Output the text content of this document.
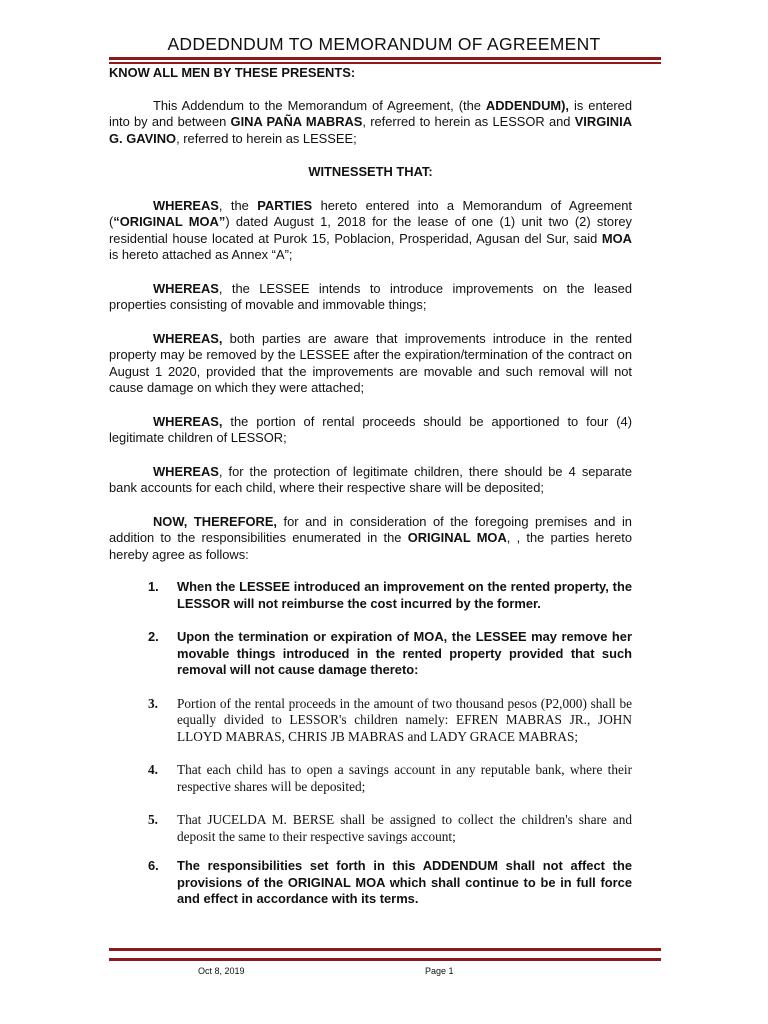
ADDEDNDUM TO MEMORANDUM OF AGREEMENT

KNOW ALL MEN BY THESE PRESENTS:

This Addendum to the Memorandum of Agreement, (the ADDENDUM), is entered into by and between GINA PAÑA MABRAS, referred to herein as LESSOR and VIRGINIA G. GAVINO, referred to herein as LESSEE;

WITNESSETH THAT:

WHEREAS, the PARTIES hereto entered into a Memorandum of Agreement (“ORIGINAL MOA”) dated August 1, 2018 for the lease of one (1) unit two (2) storey residential house located at Purok 15, Poblacion, Prosperidad, Agusan del Sur, said MOA is hereto attached as Annex “A”;

WHEREAS, the LESSEE intends to introduce improvements on the leased properties consisting of movable and immovable things;

WHEREAS, both parties are aware that improvements introduce in the rented property may be removed by the LESSEE after the expiration/termination of the contract on August 1 2020, provided that the improvements are movable and such removal will not cause damage on which they were attached;

WHEREAS, the portion of rental proceeds should be apportioned to four (4) legitimate children of LESSOR;

WHEREAS, for the protection of legitimate children, there should be 4 separate bank accounts for each child, where their respective share will be deposited;

NOW, THEREFORE, for and in consideration of the foregoing premises and in addition to the responsibilities enumerated in the ORIGINAL MOA, , the parties hereto hereby agree as follows:

1. When the LESSEE introduced an improvement on the rented property, the LESSOR will not reimburse the cost incurred by the former.
2. Upon the termination or expiration of MOA, the LESSEE may remove her movable things introduced in the rented property provided that such removal will not cause damage thereto:
3. Portion of the rental proceeds in the amount of two thousand pesos (P2,000) shall be equally divided to LESSOR's children namely: EFREN MABRAS JR., JOHN LLOYD MABRAS, CHRIS JB MABRAS and LADY GRACE MABRAS;
4. That each child has to open a savings account in any reputable bank, where their respective shares will be deposited;
5. That JUCELDA M. BERSE shall be assigned to collect the children's share and deposit the same to their respective savings account;
6. The responsibilities set forth in this ADDENDUM shall not affect the provisions of the ORIGINAL MOA which shall continue to be in full force and effect in accordance with its terms.
Oct 8, 2019	Page 1
